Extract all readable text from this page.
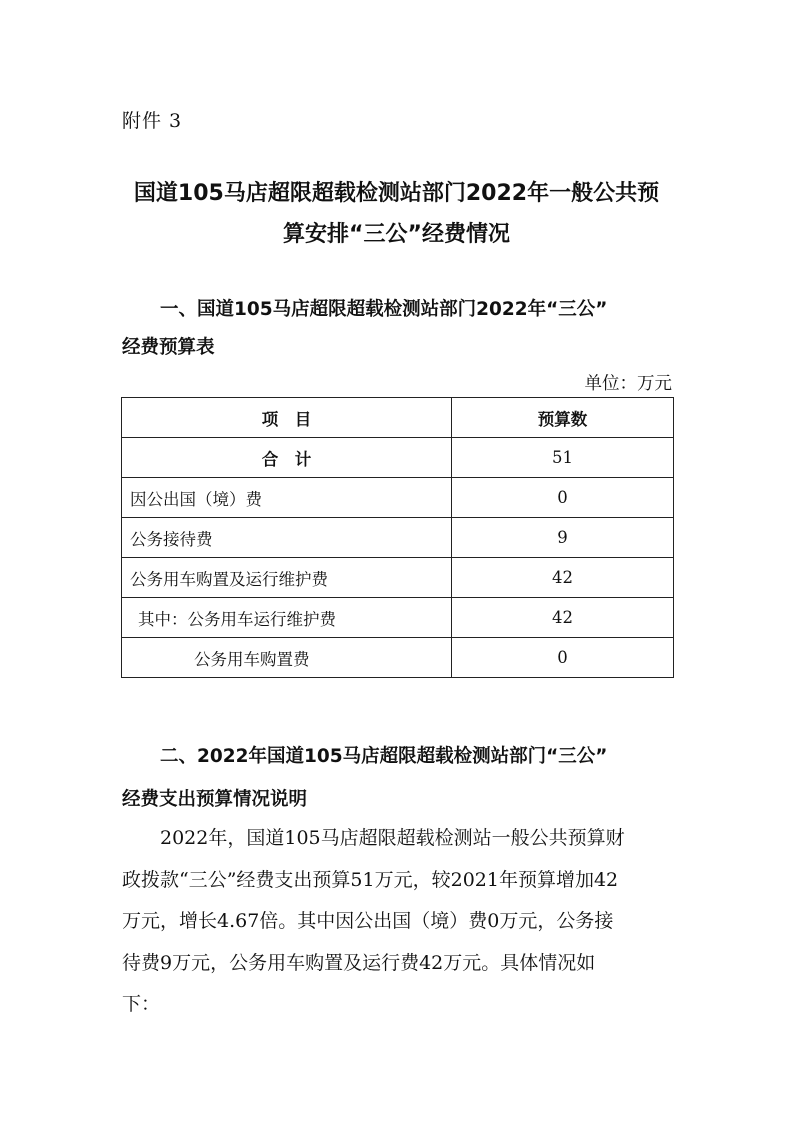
附件 3
国道105马店超限超载检测站部门2022年一般公共预
算安排“三公”经费情况
一、国道105马店超限超载检测站部门2022年“三公”
经费预算表
单位：万元
项　目	预算数
合　计	51
因公出国（境）费	0
公务接待费	9
公务用车购置及运行维护费	42
其中：公务用车运行维护费	42
公务用车购置费	0
二、2022年国道105马店超限超载检测站部门“三公”
经费支出预算情况说明
2022年，国道105马店超限超载检测站一般公共预算财
政拨款“三公”经费支出预算51万元，较2021年预算增加42
万元，增长4.67倍。其中因公出国（境）费0万元，公务接
待费9万元，公务用车购置及运行费42万元。具体情况如
下：
